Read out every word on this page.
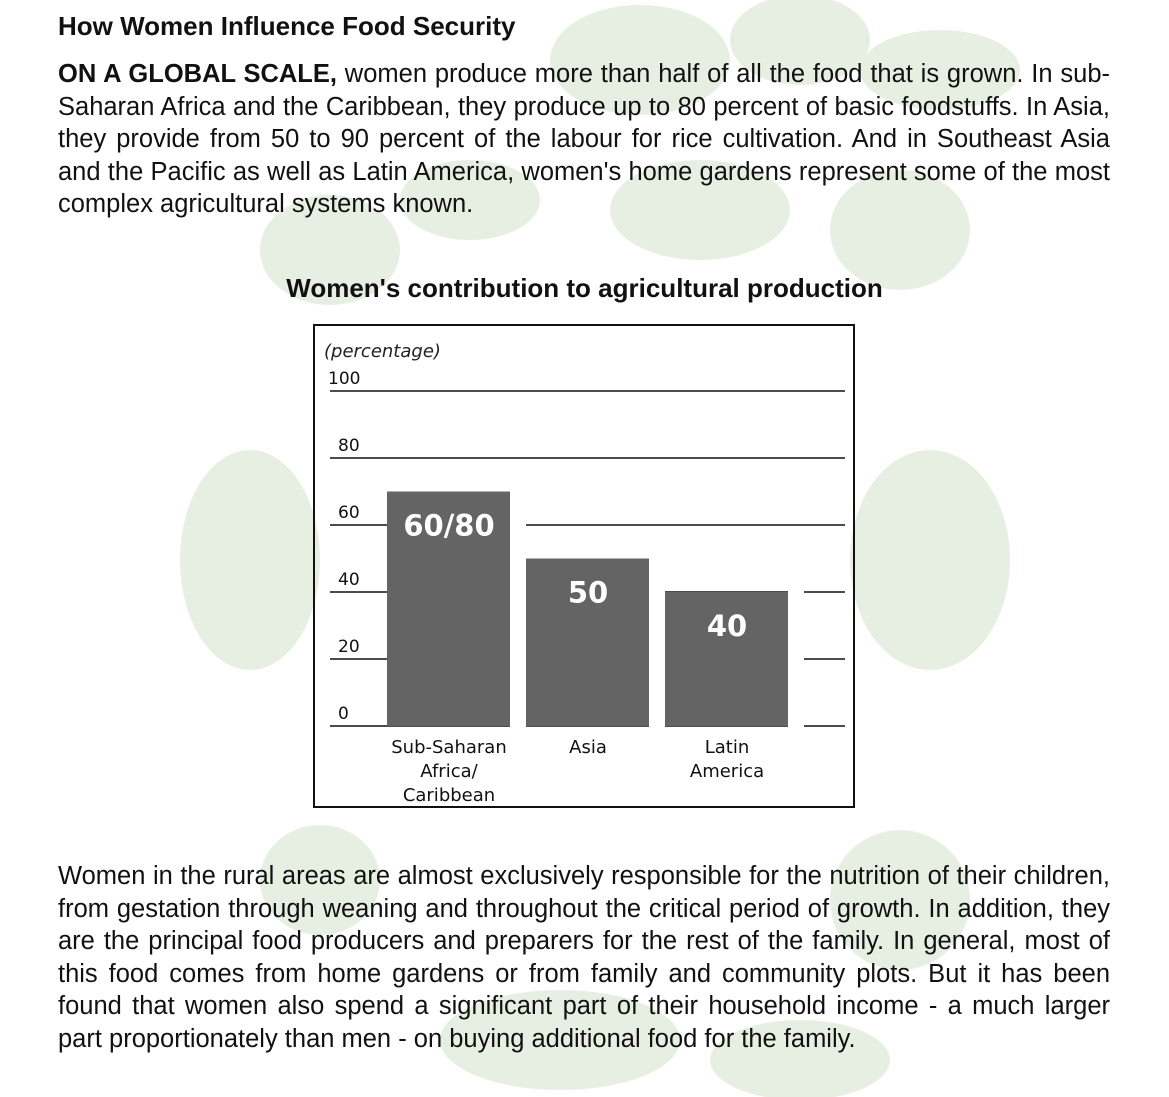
How Women Influence Food Security

ON A GLOBAL SCALE, women produce more than half of all the food that is grown. In sub-Saharan Africa and the Caribbean, they produce up to 80 percent of basic foodstuffs. In Asia, they provide from 50 to 90 percent of the labour for rice cultivation. And in Southeast Asia and the Pacific as well as Latin America, women's home gardens represent some of the most complex agricultural systems known.

Women's contribution to agricultural production
(percentage)
0
20
40
60
80
100
60/80
50
40
Sub-Saharan Africa/ Caribbean
Asia	Latin America

Women in the rural areas are almost exclusively responsible for the nutrition of their children, from gestation through weaning and throughout the critical period of growth. In addition, they are the principal food producers and preparers for the rest of the family. In general, most of this food comes from home gardens or from family and community plots. But it has been found that women also spend a significant part of their household income - a much larger part proportionately than men - on buying additional food for the family.
